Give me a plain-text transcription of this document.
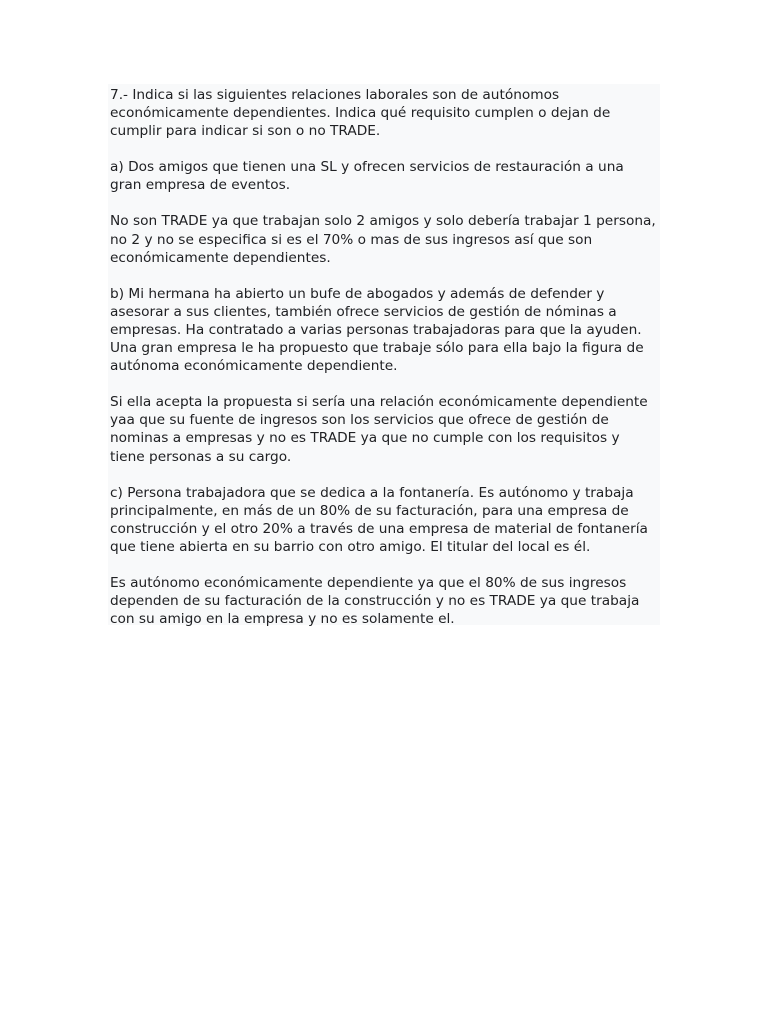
7.- Indica si las siguientes relaciones laborales son de autónomos económicamente dependientes. Indica qué requisito cumplen o dejan de cumplir para indicar si son o no TRADE.

a) Dos amigos que tienen una SL y ofrecen servicios de restauración a una gran empresa de eventos.

No son TRADE ya que trabajan solo 2 amigos y solo debería trabajar 1 persona, no 2 y no se especifica si es el 70% o mas de sus ingresos así que son económicamente dependientes.

b) Mi hermana ha abierto un bufe de abogados y además de defender y asesorar a sus clientes, también ofrece servicios de gestión de nóminas a empresas. Ha contratado a varias personas trabajadoras para que la ayuden. Una gran empresa le ha propuesto que trabaje sólo para ella bajo la figura de autónoma económicamente dependiente.

Si ella acepta la propuesta si sería una relación económicamente dependiente yaa que su fuente de ingresos son los servicios que ofrece de gestión de nominas a empresas y no es TRADE ya que no cumple con los requisitos y tiene personas a su cargo.

c) Persona trabajadora que se dedica a la fontanería. Es autónomo y trabaja principalmente, en más de un 80% de su facturación, para una empresa de construcción y el otro 20% a través de una empresa de material de fontanería que tiene abierta en su barrio con otro amigo. El titular del local es él.

Es autónomo económicamente dependiente ya que el 80% de sus ingresos dependen de su facturación de la construcción y no es TRADE ya que trabaja con su amigo en la empresa y no es solamente el.
